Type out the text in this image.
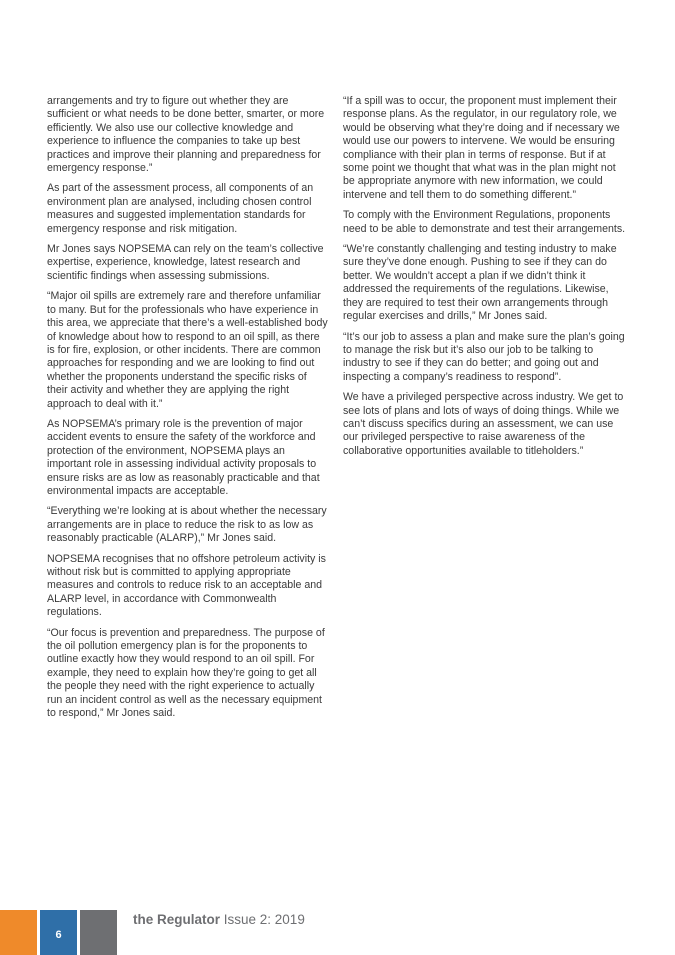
arrangements and try to figure out whether they are sufficient or what needs to be done better, smarter, or more efficiently. We also use our collective knowledge and experience to influence the companies to take up best practices and improve their planning and preparedness for emergency response.”

As part of the assessment process, all components of an environment plan are analysed, including chosen control measures and suggested implementation standards for emergency response and risk mitigation.

Mr Jones says NOPSEMA can rely on the team’s collective expertise, experience, knowledge, latest research and scientific findings when assessing submissions.

“Major oil spills are extremely rare and therefore unfamiliar to many. But for the professionals who have experience in this area, we appreciate that there’s a well-established body of knowledge about how to respond to an oil spill, as there is for fire, explosion, or other incidents. There are common approaches for responding and we are looking to find out whether the proponents understand the specific risks of their activity and whether they are applying the right approach to deal with it.”

As NOPSEMA’s primary role is the prevention of major accident events to ensure the safety of the workforce and protection of the environment, NOPSEMA plays an important role in assessing individual activity proposals to ensure risks are as low as reasonably practicable and that environmental impacts are acceptable.

“Everything we’re looking at is about whether the necessary arrangements are in place to reduce the risk to as low as reasonably practicable (ALARP),” Mr Jones said.

NOPSEMA recognises that no offshore petroleum activity is without risk but is committed to applying appropriate measures and controls to reduce risk to an acceptable and ALARP level, in accordance with Commonwealth regulations.

“Our focus is prevention and preparedness. The purpose of the oil pollution emergency plan is for the proponents to outline exactly how they would respond to an oil spill. For example, they need to explain how they’re going to get all the people they need with the right experience to actually run an incident control as well as the necessary equipment to respond,” Mr Jones said.

“If a spill was to occur, the proponent must implement their response plans. As the regulator, in our regulatory role, we would be observing what they’re doing and if necessary we would use our powers to intervene. We would be ensuring compliance with their plan in terms of response. But if at some point we thought that what was in the plan might not be appropriate anymore with new information, we could intervene and tell them to do something different.”

To comply with the Environment Regulations, proponents need to be able to demonstrate and test their arrangements.

“We’re constantly challenging and testing industry to make sure they’ve done enough. Pushing to see if they can do better. We wouldn’t accept a plan if we didn’t think it addressed the requirements of the regulations. Likewise, they are required to test their own arrangements through regular exercises and drills,” Mr Jones said.

“It’s our job to assess a plan and make sure the plan’s going to manage the risk but it’s also our job to be talking to industry to see if they can do better; and going out and inspecting a company’s readiness to respond”.

We have a privileged perspective across industry. We get to see lots of plans and lots of ways of doing things. While we can’t discuss specifics during an assessment, we can use our privileged perspective to raise awareness of the collaborative opportunities available to titleholders.”

6
the Regulator Issue 2: 2019
